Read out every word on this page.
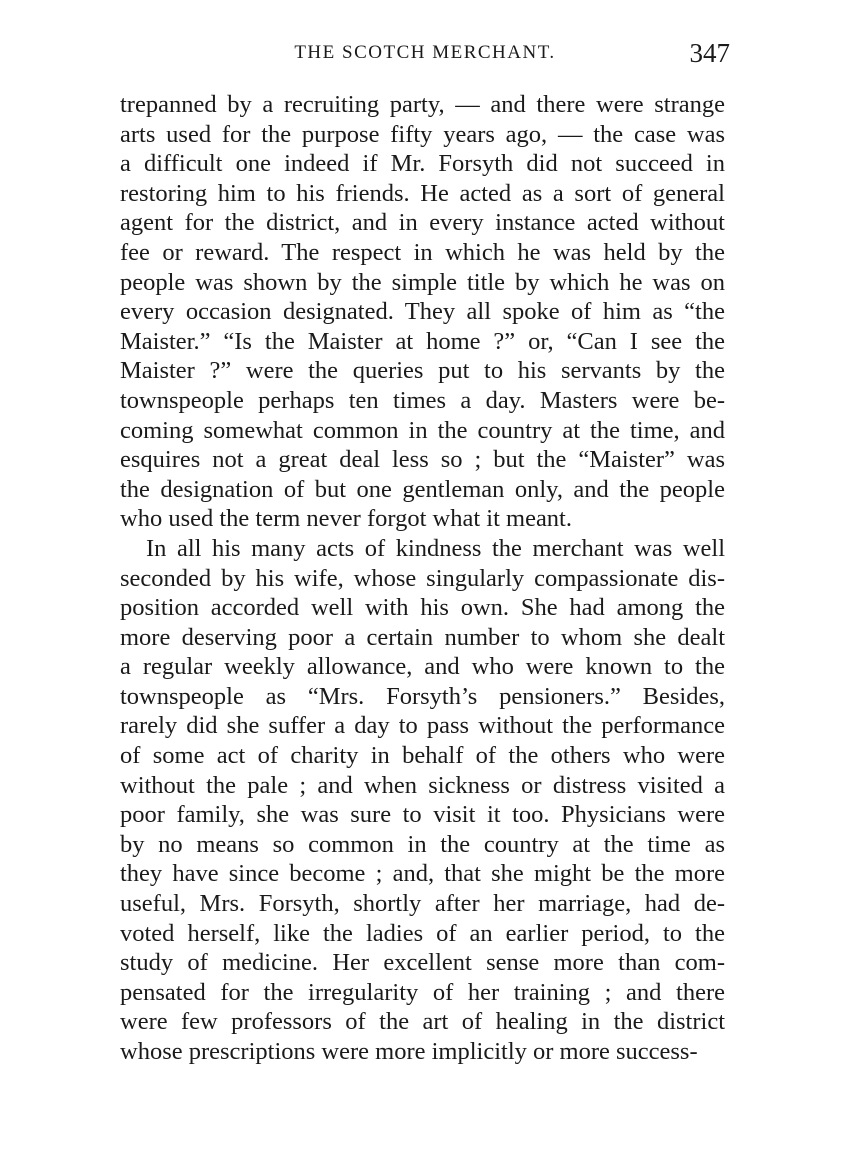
THE SCOTCH MERCHANT.	347
trepanned by a recruiting party, — and there were strange
arts used for the purpose fifty years ago, — the case was
a difficult one indeed if Mr. Forsyth did not succeed in
restoring him to his friends. He acted as a sort of general
agent for the district, and in every instance acted without
fee or reward. The respect in which he was held by the
people was shown by the simple title by which he was on
every occasion designated. They all spoke of him as “the
Maister.” “Is the Maister at home ?” or, “Can I see the
Maister ?” were the queries put to his servants by the
townspeople perhaps ten times a day. Masters were be-
coming somewhat common in the country at the time, and
esquires not a great deal less so ; but the “Maister” was
the designation of but one gentleman only, and the people
who used the term never forgot what it meant.
In all his many acts of kindness the merchant was well
seconded by his wife, whose singularly compassionate dis-
position accorded well with his own. She had among the
more deserving poor a certain number to whom she dealt
a regular weekly allowance, and who were known to the
townspeople as “Mrs. Forsyth’s pensioners.” Besides,
rarely did she suffer a day to pass without the performance
of some act of charity in behalf of the others who were
without the pale ; and when sickness or distress visited a
poor family, she was sure to visit it too. Physicians were
by no means so common in the country at the time as
they have since become ; and, that she might be the more
useful, Mrs. Forsyth, shortly after her marriage, had de-
voted herself, like the ladies of an earlier period, to the
study of medicine. Her excellent sense more than com-
pensated for the irregularity of her training ; and there
were few professors of the art of healing in the district
whose prescriptions were more implicitly or more success-
